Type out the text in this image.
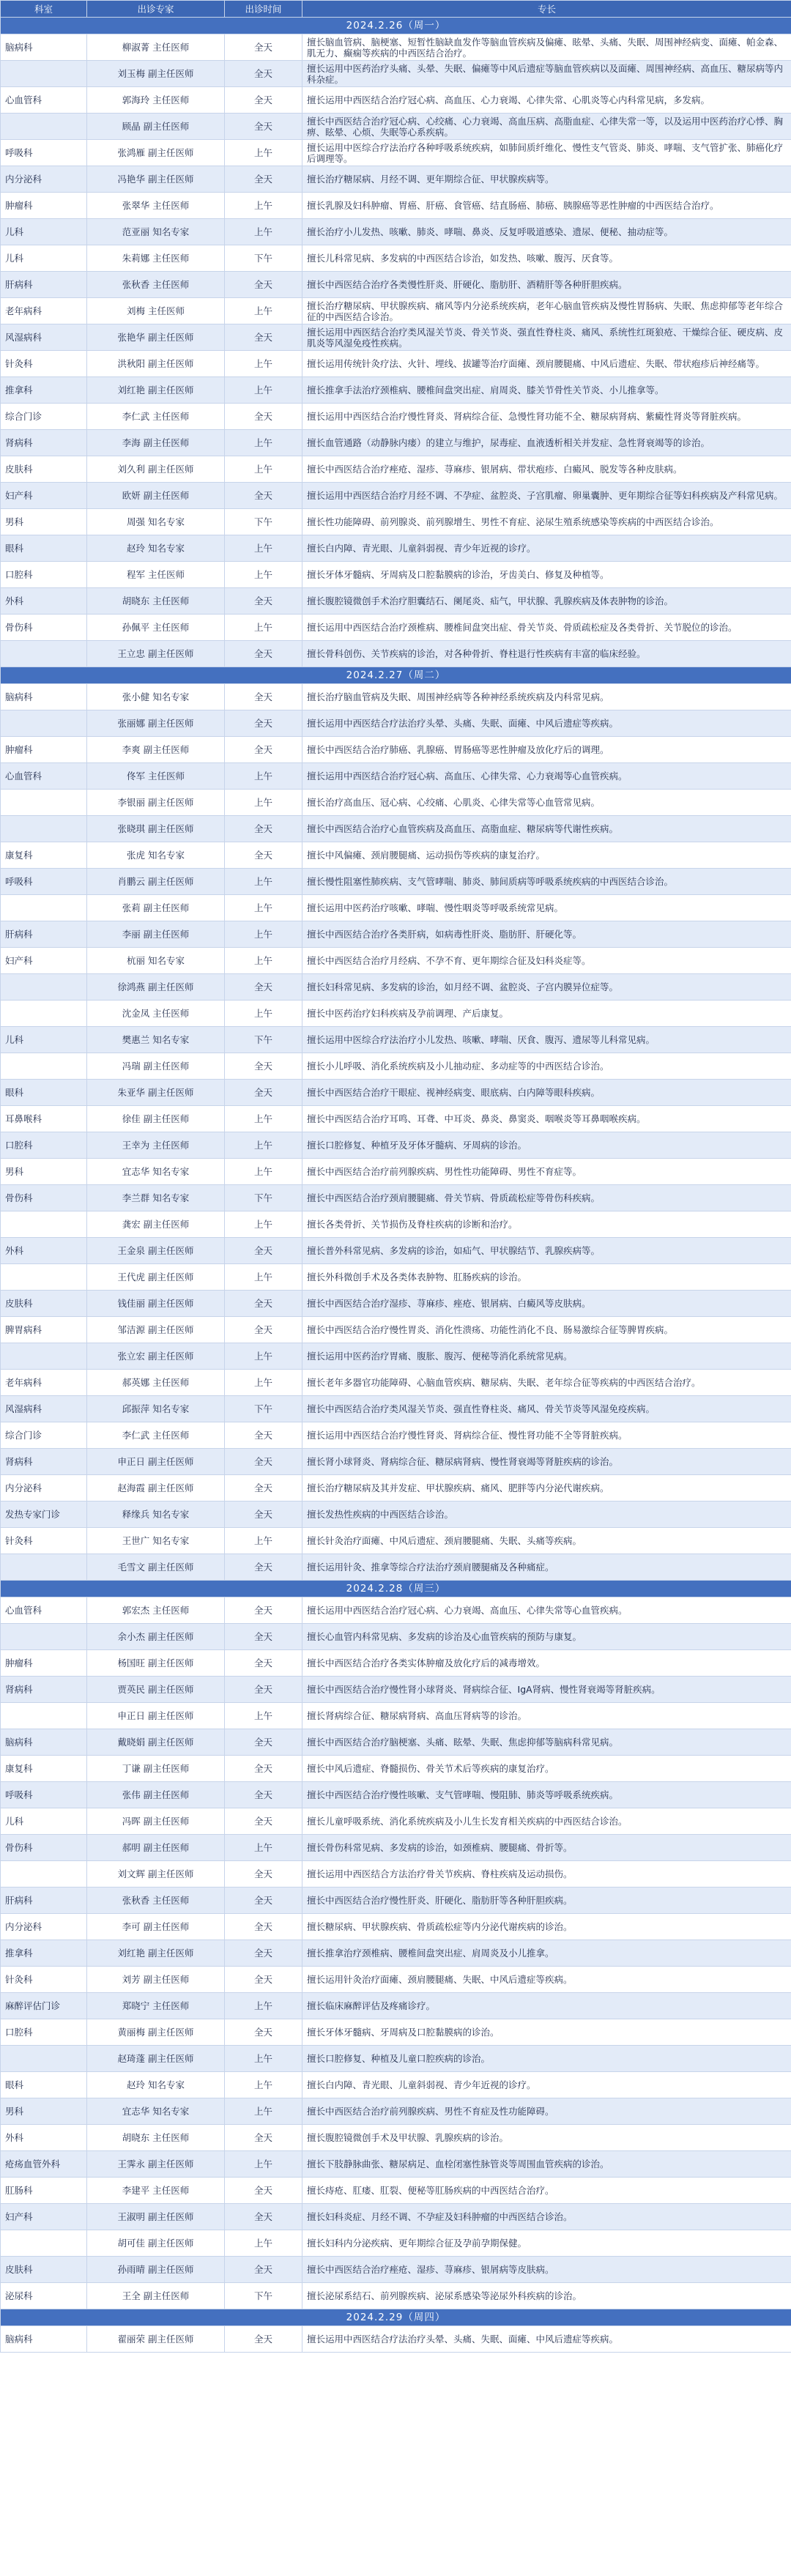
科室	出诊专家	出诊时间	专长
2024.2.26（周一）			
脑病科	柳淑菁 主任医师	全天	擅长脑血管病、脑梗塞、短暂性脑缺血发作等脑血管疾病及偏瘫、眩晕、头痛、失眠、周围神经病变、面瘫、帕金森、肌无力、癫痫等疾病的中西医结合治疗。
	刘玉梅 副主任医师	全天	擅长运用中医药治疗头痛、头晕、失眠、偏瘫等中风后遗症等脑血管疾病以及面瘫、周围神经病、高血压、糖尿病等内科杂症。
心血管科	郭海玲 主任医师	全天	擅长运用中西医结合治疗冠心病、高血压、心力衰竭、心律失常、心肌炎等心内科常见病，多发病。
	顾晶 副主任医师	全天	擅长中西医结合治疗冠心病、心绞痛、心力衰竭、高血压病、高脂血症、心律失常一等，以及运用中医药治疗心悸、胸痹、眩晕、心烦、失眠等心系疾病。
呼吸科	张鸿雁 副主任医师	上午	擅长运用中医综合疗法治疗各种呼吸系统疾病，如肺间质纤维化、慢性支气管炎、肺炎、哮喘、支气管扩张、肺癌化疗后调理等。
内分泌科	冯艳华 副主任医师	全天	擅长治疗糖尿病、月经不调、更年期综合征、甲状腺疾病等。
肿瘤科	张翠华 主任医师	上午	擅长乳腺及妇科肿瘤、胃癌、肝癌、食管癌、结直肠癌、肺癌、胰腺癌等恶性肿瘤的中西医结合治疗。
儿科	范亚丽 知名专家	上午	擅长治疗小儿发热、咳嗽、肺炎、哮喘、鼻炎、反复呼吸道感染、遗尿、便秘、抽动症等。
儿科	朱莉娜 主任医师	下午	擅长儿科常见病、多发病的中西医结合诊治，如发热、咳嗽、腹泻、厌食等。
肝病科	张秋香 主任医师	全天	擅长中西医结合治疗各类慢性肝炎、肝硬化、脂肪肝、酒精肝等各种肝胆疾病。
老年病科	刘梅 主任医师	上午	擅长治疗糖尿病、甲状腺疾病、痛风等内分泌系统疾病，老年心脑血管疾病及慢性胃肠病、失眠、焦虑抑郁等老年综合征的中西医结合诊治。
风湿病科	张艳华 副主任医师	全天	擅长运用中西医结合治疗类风湿关节炎、骨关节炎、强直性脊柱炎、痛风、系统性红斑狼疮、干燥综合征、硬皮病、皮肌炎等风湿免疫性疾病。
针灸科	洪秋阳 副主任医师	上午	擅长运用传统针灸疗法、火针、埋线、拔罐等治疗面瘫、颈肩腰腿痛、中风后遗症、失眠、带状疱疹后神经痛等。
推拿科	刘红艳 副主任医师	上午	擅长推拿手法治疗颈椎病、腰椎间盘突出症、肩周炎、膝关节骨性关节炎、小儿推拿等。
综合门诊	李仁武 主任医师	全天	擅长运用中西医结合治疗慢性肾炎、肾病综合征、急慢性肾功能不全、糖尿病肾病、紫癜性肾炎等肾脏疾病。
肾病科	李海 副主任医师	上午	擅长血管通路（动静脉内瘘）的建立与维护，尿毒症、血液透析相关并发症、急性肾衰竭等的诊治。
皮肤科	刘久利 副主任医师	上午	擅长中西医结合治疗痤疮、湿疹、荨麻疹、银屑病、带状疱疹、白癜风、脱发等各种皮肤病。
妇产科	欧妍 副主任医师	全天	擅长运用中西医结合治疗月经不调、不孕症、盆腔炎、子宫肌瘤、卵巢囊肿、更年期综合征等妇科疾病及产科常见病。
男科	周强 知名专家	下午	擅长性功能障碍、前列腺炎、前列腺增生、男性不育症、泌尿生殖系统感染等疾病的中西医结合诊治。
眼科	赵玲 知名专家	上午	擅长白内障、青光眼、儿童斜弱视、青少年近视的诊疗。
口腔科	程军 主任医师	上午	擅长牙体牙髓病、牙周病及口腔黏膜病的诊治，牙齿美白、修复及种植等。
外科	胡晓东 主任医师	全天	擅长腹腔镜微创手术治疗胆囊结石、阑尾炎、疝气，甲状腺、乳腺疾病及体表肿物的诊治。
骨伤科	孙佩平 主任医师	上午	擅长运用中西医结合治疗颈椎病、腰椎间盘突出症、骨关节炎、骨质疏松症及各类骨折、关节脱位的诊治。
	王立忠 副主任医师	全天	擅长骨科创伤、关节疾病的诊治，对各种骨折、脊柱退行性疾病有丰富的临床经验。
2024.2.27（周二）			
脑病科	张小健 知名专家	全天	擅长治疗脑血管病及失眠、周围神经病等各种神经系统疾病及内科常见病。
	张丽娜 副主任医师	全天	擅长运用中西医结合疗法治疗头晕、头痛、失眠、面瘫、中风后遗症等疾病。
肿瘤科	李爽 副主任医师	全天	擅长中西医结合治疗肺癌、乳腺癌、胃肠癌等恶性肿瘤及放化疗后的调理。
心血管科	佟军 主任医师	上午	擅长运用中西医结合治疗冠心病、高血压、心律失常、心力衰竭等心血管疾病。
	李银丽 副主任医师	上午	擅长治疗高血压、冠心病、心绞痛、心肌炎、心律失常等心血管常见病。
	张晓琪 副主任医师	全天	擅长中西医结合治疗心血管疾病及高血压、高脂血症、糖尿病等代谢性疾病。
康复科	张虎 知名专家	全天	擅长中风偏瘫、颈肩腰腿痛、运动损伤等疾病的康复治疗。
呼吸科	肖鹏云 副主任医师	上午	擅长慢性阻塞性肺疾病、支气管哮喘、肺炎、肺间质病等呼吸系统疾病的中西医结合诊治。
	张莉 副主任医师	上午	擅长运用中医药治疗咳嗽、哮喘、慢性咽炎等呼吸系统常见病。
肝病科	李丽 副主任医师	上午	擅长中西医结合治疗各类肝病，如病毒性肝炎、脂肪肝、肝硬化等。
妇产科	杭丽 知名专家	上午	擅长中西医结合治疗月经病、不孕不育、更年期综合征及妇科炎症等。
	徐鸿燕 副主任医师	全天	擅长妇科常见病、多发病的诊治，如月经不调、盆腔炎、子宫内膜异位症等。
	沈金凤 主任医师	上午	擅长中医药治疗妇科疾病及孕前调理、产后康复。
儿科	樊惠兰 知名专家	下午	擅长运用中医综合疗法治疗小儿发热、咳嗽、哮喘、厌食、腹泻、遗尿等儿科常见病。
	冯瑞 副主任医师	全天	擅长小儿呼吸、消化系统疾病及小儿抽动症、多动症等的中西医结合诊治。
眼科	朱亚华 副主任医师	全天	擅长中西医结合治疗干眼症、视神经病变、眼底病、白内障等眼科疾病。
耳鼻喉科	徐佳 副主任医师	上午	擅长中西医结合治疗耳鸣、耳聋、中耳炎、鼻炎、鼻窦炎、咽喉炎等耳鼻咽喉疾病。
口腔科	王幸为 主任医师	上午	擅长口腔修复、种植牙及牙体牙髓病、牙周病的诊治。
男科	宜志华 知名专家	上午	擅长中西医结合治疗前列腺疾病、男性性功能障碍、男性不育症等。
骨伤科	李兰群 知名专家	下午	擅长中西医结合治疗颈肩腰腿痛、骨关节病、骨质疏松症等骨伤科疾病。
	龚宏 副主任医师	上午	擅长各类骨折、关节损伤及脊柱疾病的诊断和治疗。
外科	王金泉 副主任医师	全天	擅长普外科常见病、多发病的诊治，如疝气、甲状腺结节、乳腺疾病等。
	王代虎 副主任医师	上午	擅长外科微创手术及各类体表肿物、肛肠疾病的诊治。
皮肤科	钱佳丽 副主任医师	全天	擅长中西医结合治疗湿疹、荨麻疹、痤疮、银屑病、白癜风等皮肤病。
脾胃病科	邹洁源 副主任医师	全天	擅长中西医结合治疗慢性胃炎、消化性溃疡、功能性消化不良、肠易激综合征等脾胃疾病。
	张立宏 副主任医师	上午	擅长运用中医药治疗胃痛、腹胀、腹泻、便秘等消化系统常见病。
老年病科	郝英娜 主任医师	上午	擅长老年多器官功能障碍、心脑血管疾病、糖尿病、失眠、老年综合征等疾病的中西医结合治疗。
风湿病科	邱振萍 知名专家	下午	擅长中西医结合治疗类风湿关节炎、强直性脊柱炎、痛风、骨关节炎等风湿免疫疾病。
综合门诊	李仁武 主任医师	全天	擅长运用中西医结合治疗慢性肾炎、肾病综合征、慢性肾功能不全等肾脏疾病。
肾病科	申正日 副主任医师	全天	擅长肾小球肾炎、肾病综合征、糖尿病肾病、慢性肾衰竭等肾脏疾病的诊治。
内分泌科	赵海霞 副主任医师	全天	擅长治疗糖尿病及其并发症、甲状腺疾病、痛风、肥胖等内分泌代谢疾病。
发热专家门诊	释缘兵 知名专家	全天	擅长发热性疾病的中西医结合诊治。
针灸科	王世广 知名专家	上午	擅长针灸治疗面瘫、中风后遗症、颈肩腰腿痛、失眠、头痛等疾病。
	毛雪文 副主任医师	全天	擅长运用针灸、推拿等综合疗法治疗颈肩腰腿痛及各种痛症。
2024.2.28（周三）			
心血管科	郭宏杰 主任医师	全天	擅长运用中西医结合治疗冠心病、心力衰竭、高血压、心律失常等心血管疾病。
	余小杰 副主任医师	全天	擅长心血管内科常见病、多发病的诊治及心血管疾病的预防与康复。
肿瘤科	杨国旺 副主任医师	全天	擅长中西医结合治疗各类实体肿瘤及放化疗后的减毒增效。
肾病科	贾英民 副主任医师	全天	擅长中西医结合治疗慢性肾小球肾炎、肾病综合征、IgA肾病、慢性肾衰竭等肾脏疾病。
	申正日 副主任医师	上午	擅长肾病综合征、糖尿病肾病、高血压肾病等的诊治。
脑病科	戴晓娟 副主任医师	全天	擅长中西医结合治疗脑梗塞、头痛、眩晕、失眠、焦虑抑郁等脑病科常见病。
康复科	丁谦 副主任医师	全天	擅长中风后遗症、脊髓损伤、骨关节术后等疾病的康复治疗。
呼吸科	张伟 副主任医师	全天	擅长中西医结合治疗慢性咳嗽、支气管哮喘、慢阻肺、肺炎等呼吸系统疾病。
儿科	冯晖 副主任医师	全天	擅长儿童呼吸系统、消化系统疾病及小儿生长发育相关疾病的中西医结合诊治。
骨伤科	郝明 副主任医师	上午	擅长骨伤科常见病、多发病的诊治，如颈椎病、腰腿痛、骨折等。
	刘文辉 副主任医师	全天	擅长运用中西医结合方法治疗骨关节疾病、脊柱疾病及运动损伤。
肝病科	张秋香 主任医师	全天	擅长中西医结合治疗慢性肝炎、肝硬化、脂肪肝等各种肝胆疾病。
内分泌科	李可 副主任医师	全天	擅长糖尿病、甲状腺疾病、骨质疏松症等内分泌代谢疾病的诊治。
推拿科	刘红艳 副主任医师	全天	擅长推拿治疗颈椎病、腰椎间盘突出症、肩周炎及小儿推拿。
针灸科	刘芳 副主任医师	全天	擅长运用针灸治疗面瘫、颈肩腰腿痛、失眠、中风后遗症等疾病。
麻醉评估门诊	郑晓宁 主任医师	上午	擅长临床麻醉评估及疼痛诊疗。
口腔科	黄丽梅 副主任医师	全天	擅长牙体牙髓病、牙周病及口腔黏膜病的诊治。
	赵琦蓬 副主任医师	上午	擅长口腔修复、种植及儿童口腔疾病的诊治。
眼科	赵玲 知名专家	上午	擅长白内障、青光眼、儿童斜弱视、青少年近视的诊疗。
男科	宜志华 知名专家	上午	擅长中西医结合治疗前列腺疾病、男性不育症及性功能障碍。
外科	胡晓东 主任医师	全天	擅长腹腔镜微创手术及甲状腺、乳腺疾病的诊治。
疮疡血管外科	王霁永 副主任医师	上午	擅长下肢静脉曲张、糖尿病足、血栓闭塞性脉管炎等周围血管疾病的诊治。
肛肠科	李建平 主任医师	全天	擅长痔疮、肛瘘、肛裂、便秘等肛肠疾病的中西医结合治疗。
妇产科	王淑明 副主任医师	全天	擅长妇科炎症、月经不调、不孕症及妇科肿瘤的中西医结合诊治。
	胡可佳 副主任医师	上午	擅长妇科内分泌疾病、更年期综合征及孕前孕期保健。
皮肤科	孙雨晴 副主任医师	全天	擅长中西医结合治疗痤疮、湿疹、荨麻疹、银屑病等皮肤病。
泌尿科	王全 副主任医师	下午	擅长泌尿系结石、前列腺疾病、泌尿系感染等泌尿外科疾病的诊治。
2024.2.29（周四）			
脑病科	翟丽荣 副主任医师	全天	擅长运用中西医结合疗法治疗头晕、头痛、失眠、面瘫、中风后遗症等疾病。
